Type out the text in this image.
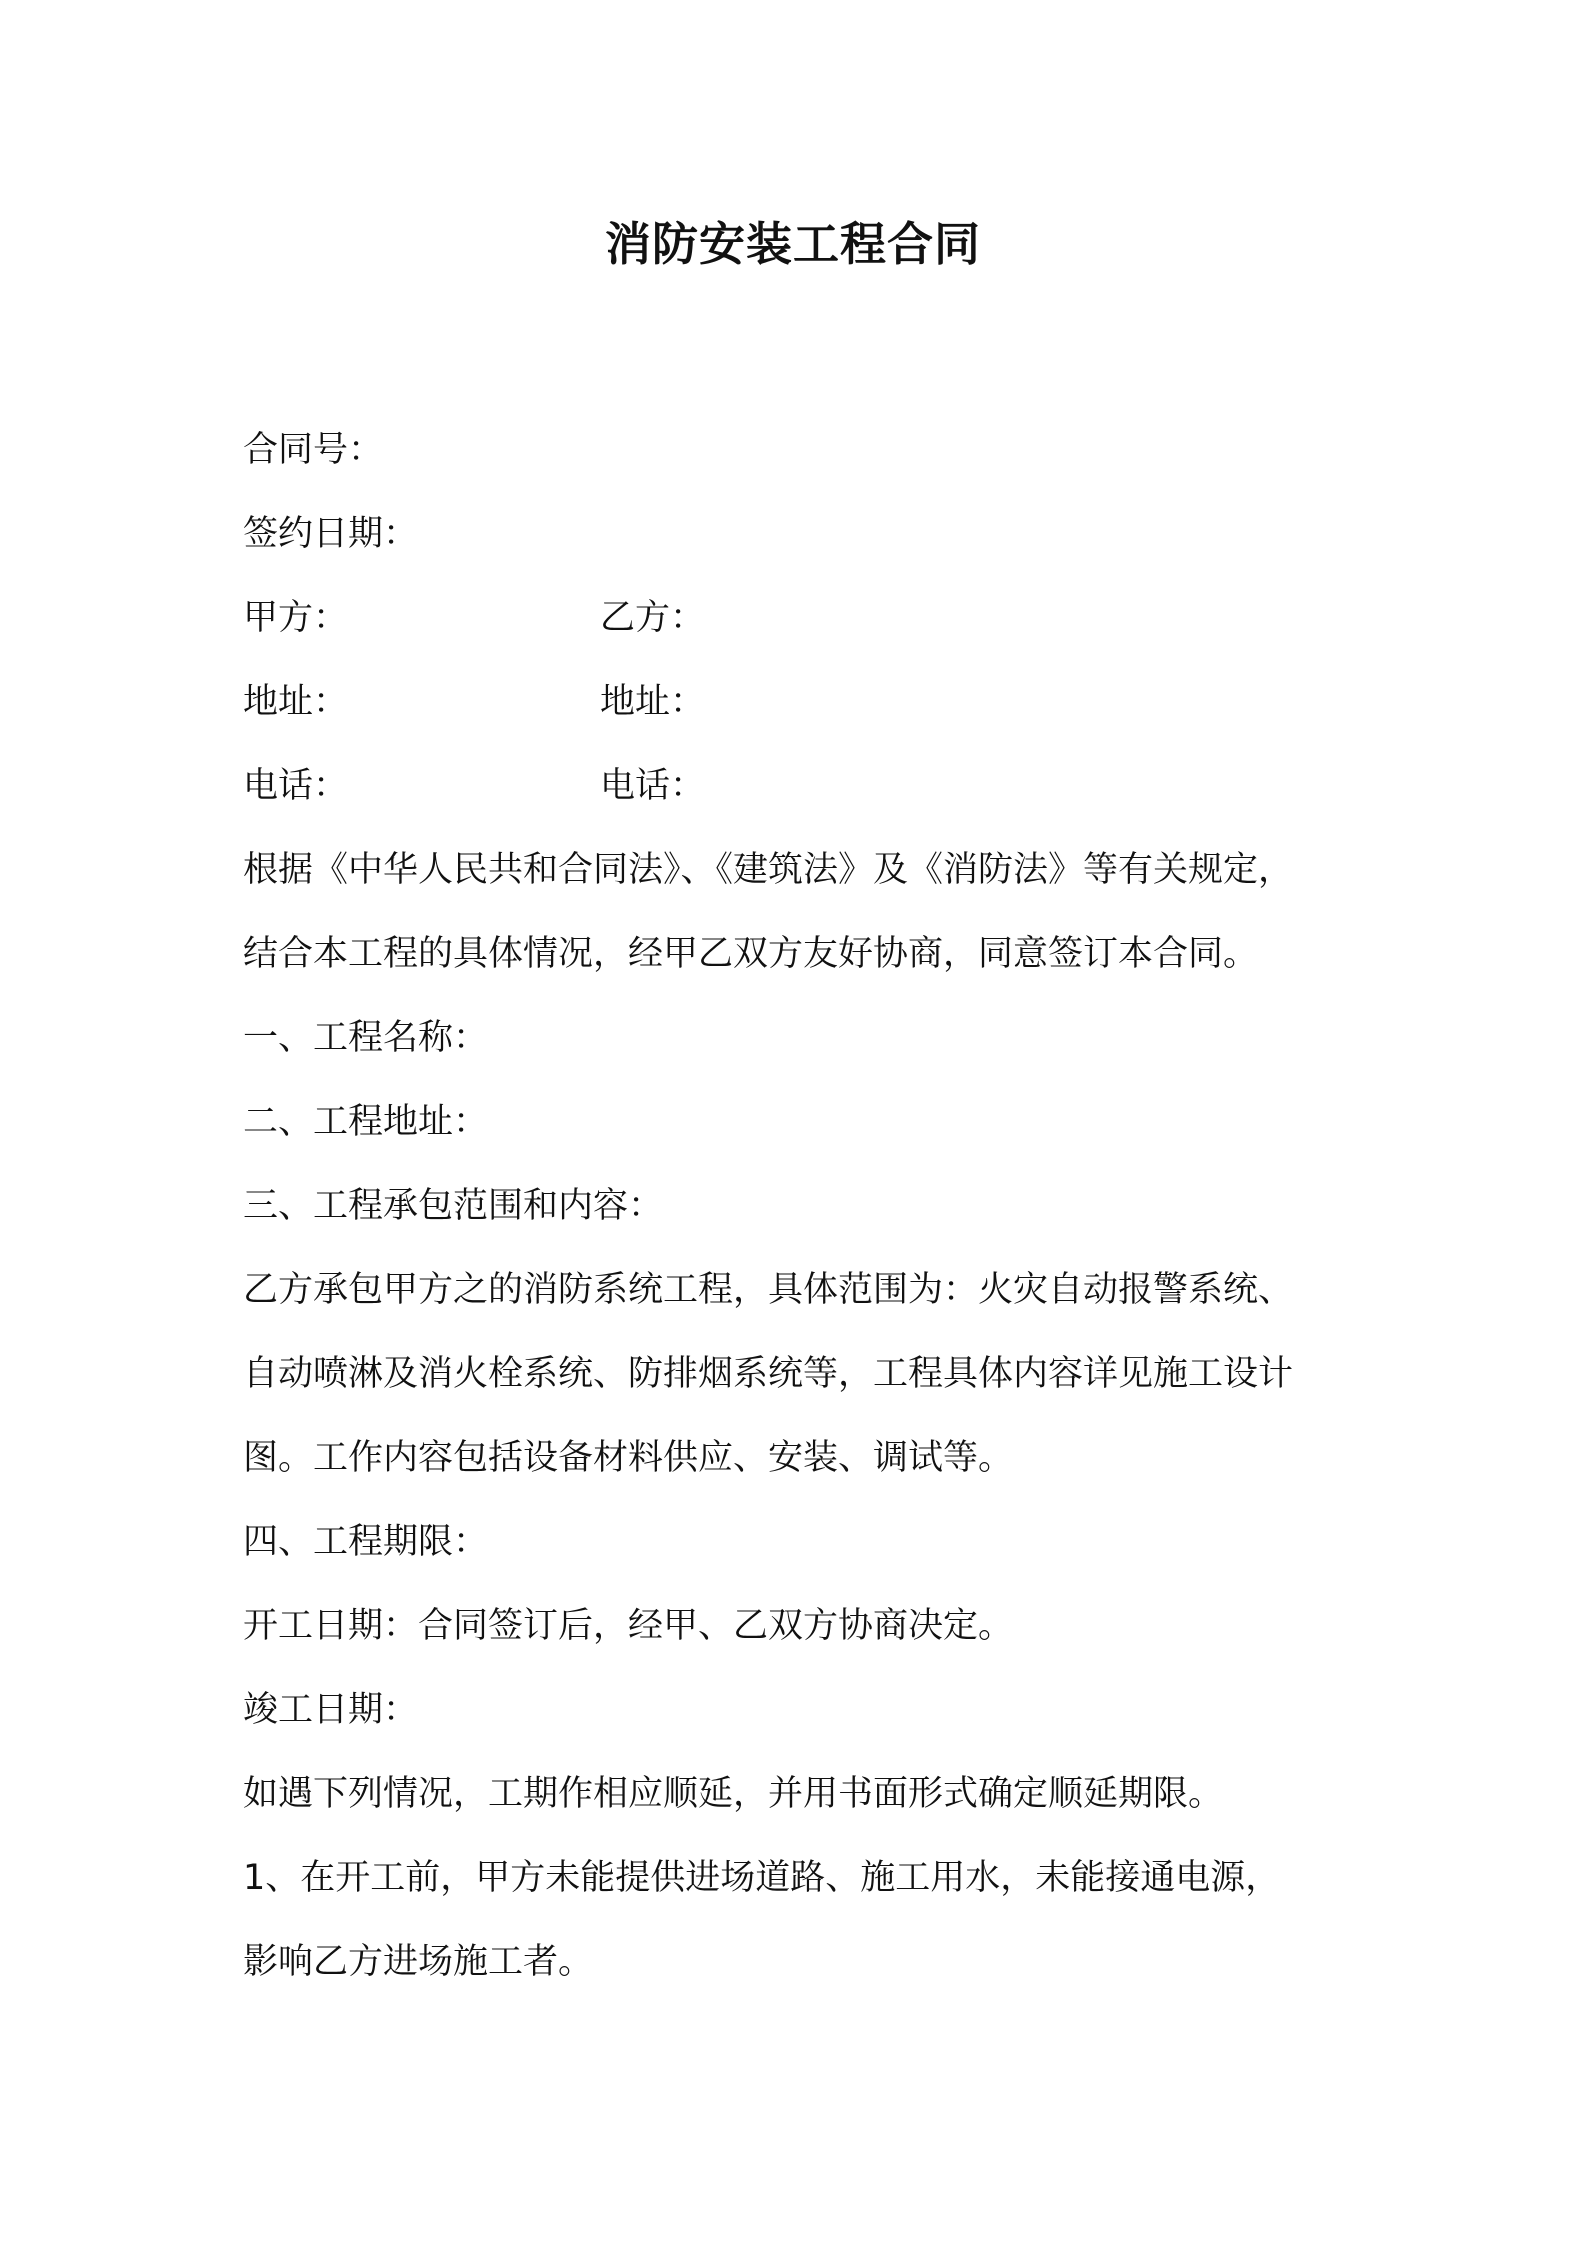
消防安装工程合同

合同号：

签约日期：

甲方：	乙方：
地址：	地址：
电话：	电话：

根据《中华人民共和合同法》、《建筑法》及《消防法》等有关规定，

结合本工程的具体情况，经甲乙双方友好协商，同意签订本合同。

一、工程名称：

二、工程地址：

三、工程承包范围和内容：

乙方承包甲方之的消防系统工程，具体范围为：火灾自动报警系统、

自动喷淋及消火栓系统、防排烟系统等，工程具体内容详见施工设计

图。工作内容包括设备材料供应、安装、调试等。

四、工程期限：

开工日期：合同签订后，经甲、乙双方协商决定。

竣工日期：

如遇下列情况，工期作相应顺延，并用书面形式确定顺延期限。

1、在开工前，甲方未能提供进场道路、施工用水，未能接通电源，

影响乙方进场施工者。
